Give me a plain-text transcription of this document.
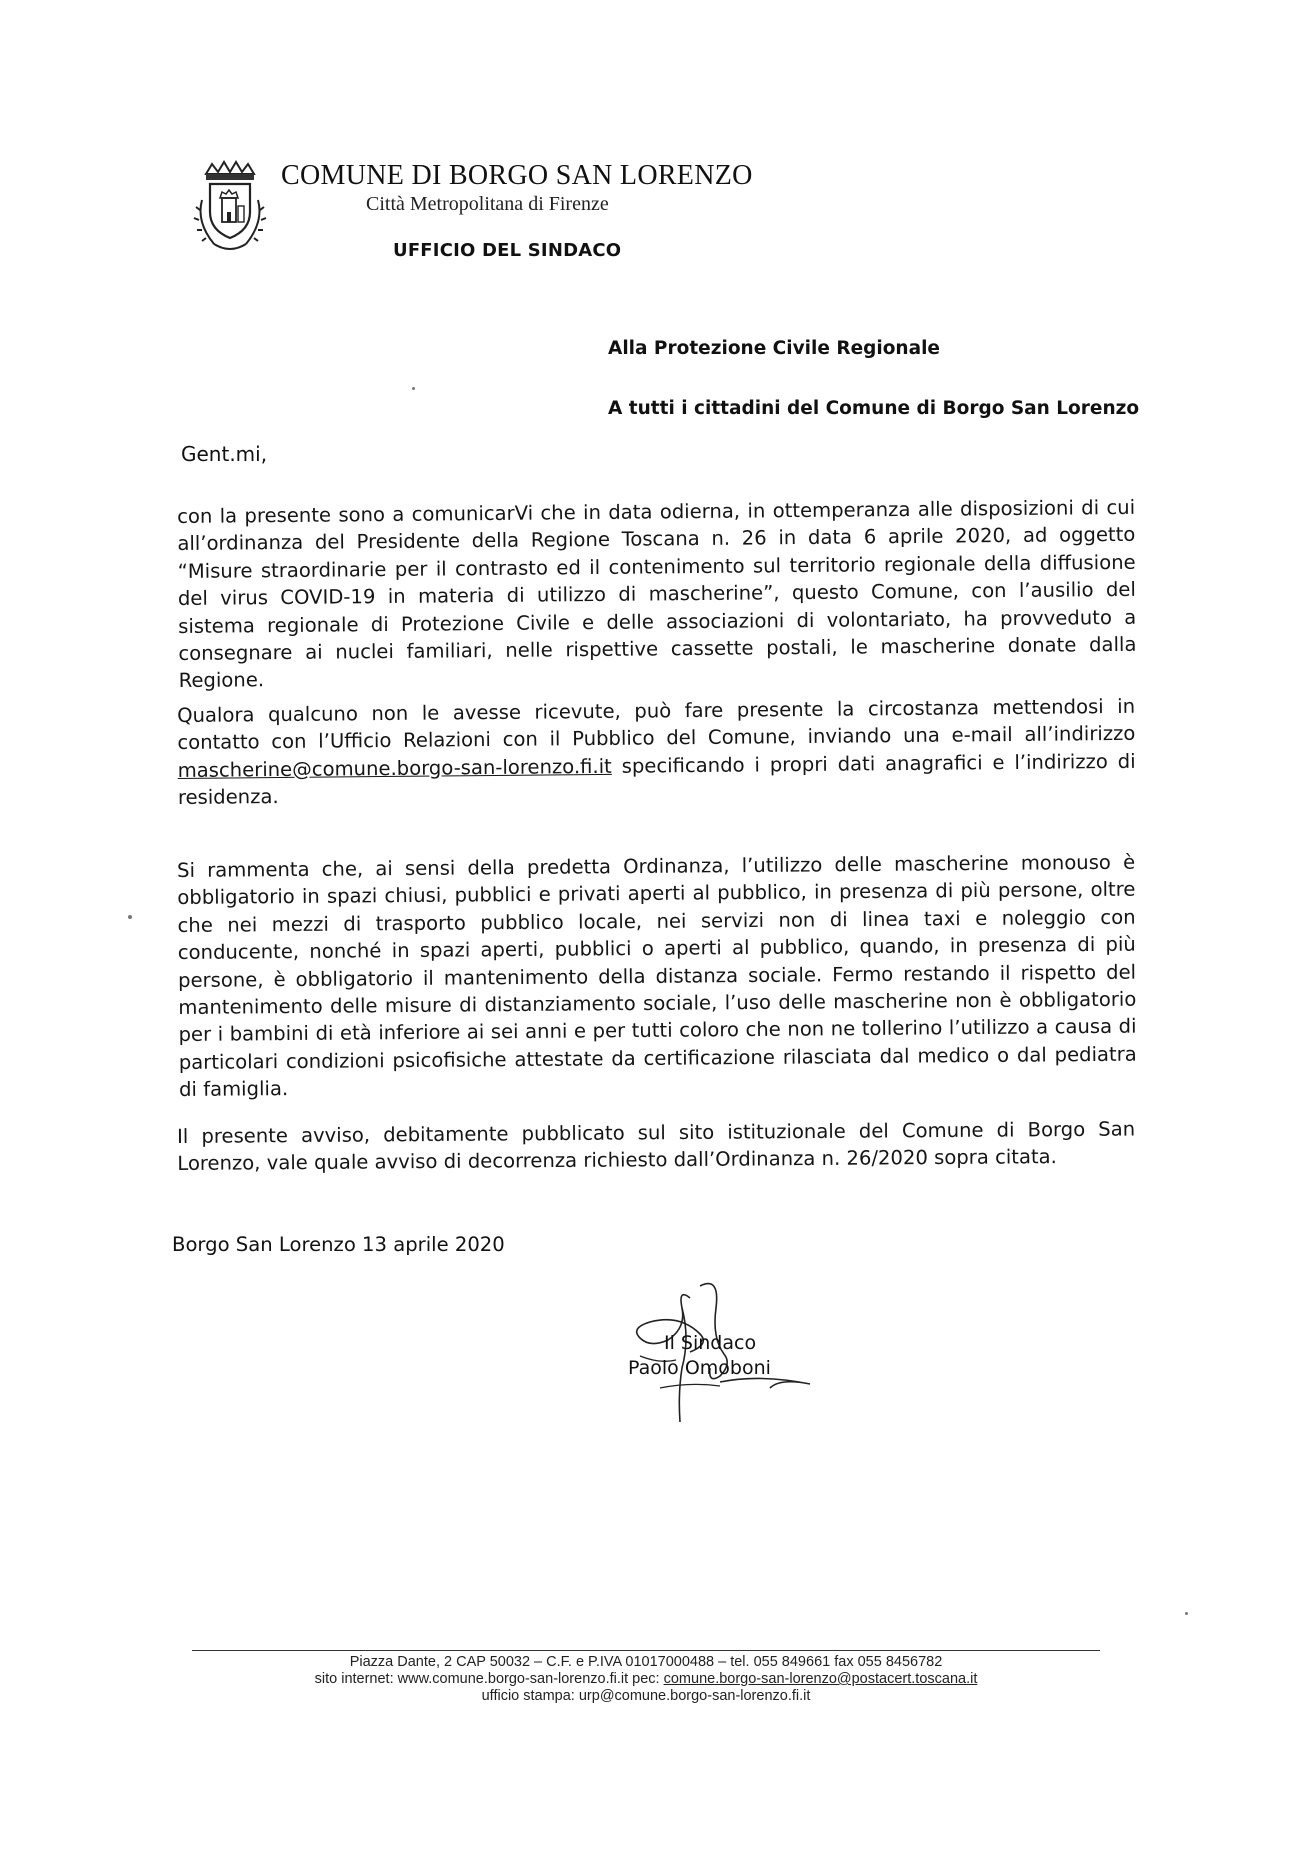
COMUNE DI BORGO SAN LORENZO
Città Metropolitana di Firenze
UFFICIO DEL SINDACO
Alla Protezione Civile Regionale
A tutti i cittadini del Comune di Borgo San Lorenzo
Gent.mi,
con la presente sono a comunicarVi che in data odierna, in ottemperanza alle disposizioni di cui all’ordinanza del Presidente della Regione Toscana n. 26 in data 6 aprile 2020, ad oggetto “Misure straordinarie per il contrasto ed il contenimento sul territorio regionale della diffusione del virus COVID-19 in materia di utilizzo di mascherine”, questo Comune, con l’ausilio del sistema regionale di Protezione Civile e delle associazioni di volontariato, ha provveduto a consegnare ai nuclei familiari, nelle rispettive cassette postali, le mascherine donate dalla Regione.
Qualora qualcuno non le avesse ricevute, può fare presente la circostanza mettendosi in contatto con l’Ufficio Relazioni con il Pubblico del Comune, inviando una e-mail all’indirizzo mascherine@comune.borgo-san-lorenzo.fi.it specificando i propri dati anagrafici e l’indirizzo di residenza.
Si rammenta che, ai sensi della predetta Ordinanza, l’utilizzo delle mascherine monouso è obbligatorio in spazi chiusi, pubblici e privati aperti al pubblico, in presenza di più persone, oltre che nei mezzi di trasporto pubblico locale, nei servizi non di linea taxi e noleggio con conducente, nonché in spazi aperti, pubblici o aperti al pubblico, quando, in presenza di più persone, è obbligatorio il mantenimento della distanza sociale. Fermo restando il rispetto del mantenimento delle misure di distanziamento sociale, l’uso delle mascherine non è obbligatorio per i bambini di età inferiore ai sei anni e per tutti coloro che non ne tollerino l’utilizzo a causa di particolari condizioni psicofisiche attestate da certificazione rilasciata dal medico o dal pediatra di famiglia.
Il presente avviso, debitamente pubblicato sul sito istituzionale del Comune di Borgo San Lorenzo, vale quale avviso di decorrenza richiesto dall’Ordinanza n. 26/2020 sopra citata.
Borgo San Lorenzo 13 aprile 2020
Il Sindaco
Paolo Omoboni
Piazza Dante, 2 CAP 50032 – C.F. e P.IVA 01017000488 – tel. 055 849661 fax 055 8456782
sito internet: www.comune.borgo-san-lorenzo.fi.it pec: comune.borgo-san-lorenzo@postacert.toscana.it
ufficio stampa: urp@comune.borgo-san-lorenzo.fi.it
